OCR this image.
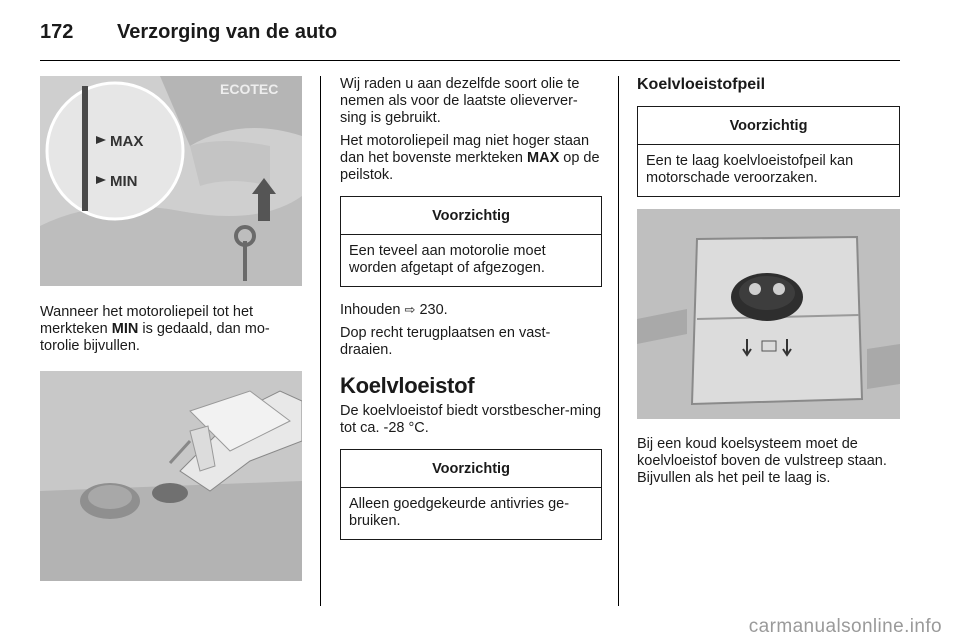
172 Verzorging van de auto
ECOTEC
MAX
MIN

Wanneer het motoroliepeil tot het merkteken MIN is gedaald, dan mo-torolie bijvullen.

Wij raden u aan dezelfde soort olie te nemen als voor de laatste olieverver-sing is gebruikt.

Het motoroliepeil mag niet hoger staan dan het bovenste merkteken MAX op de peilstok.

Voorzichtig
Een teveel aan motorolie moet worden afgetapt of afgezogen.

Inhouden ⇨ 230.

Dop recht terugplaatsen en vast-draaien.

Koelvloeistof

De koelvloeistof biedt vorstbescher-ming tot ca. -28 °C.

Voorzichtig
Alleen goedgekeurde antivries ge-bruiken.
Koelvloeistofpeil
Voorzichtig
Een te laag koelvloeistofpeil kan motorschade veroorzaken.

Bij een koud koelsysteem moet de koelvloeistof boven de vulstreep staan. Bijvullen als het peil te laag is.

carmanualsonline.info
